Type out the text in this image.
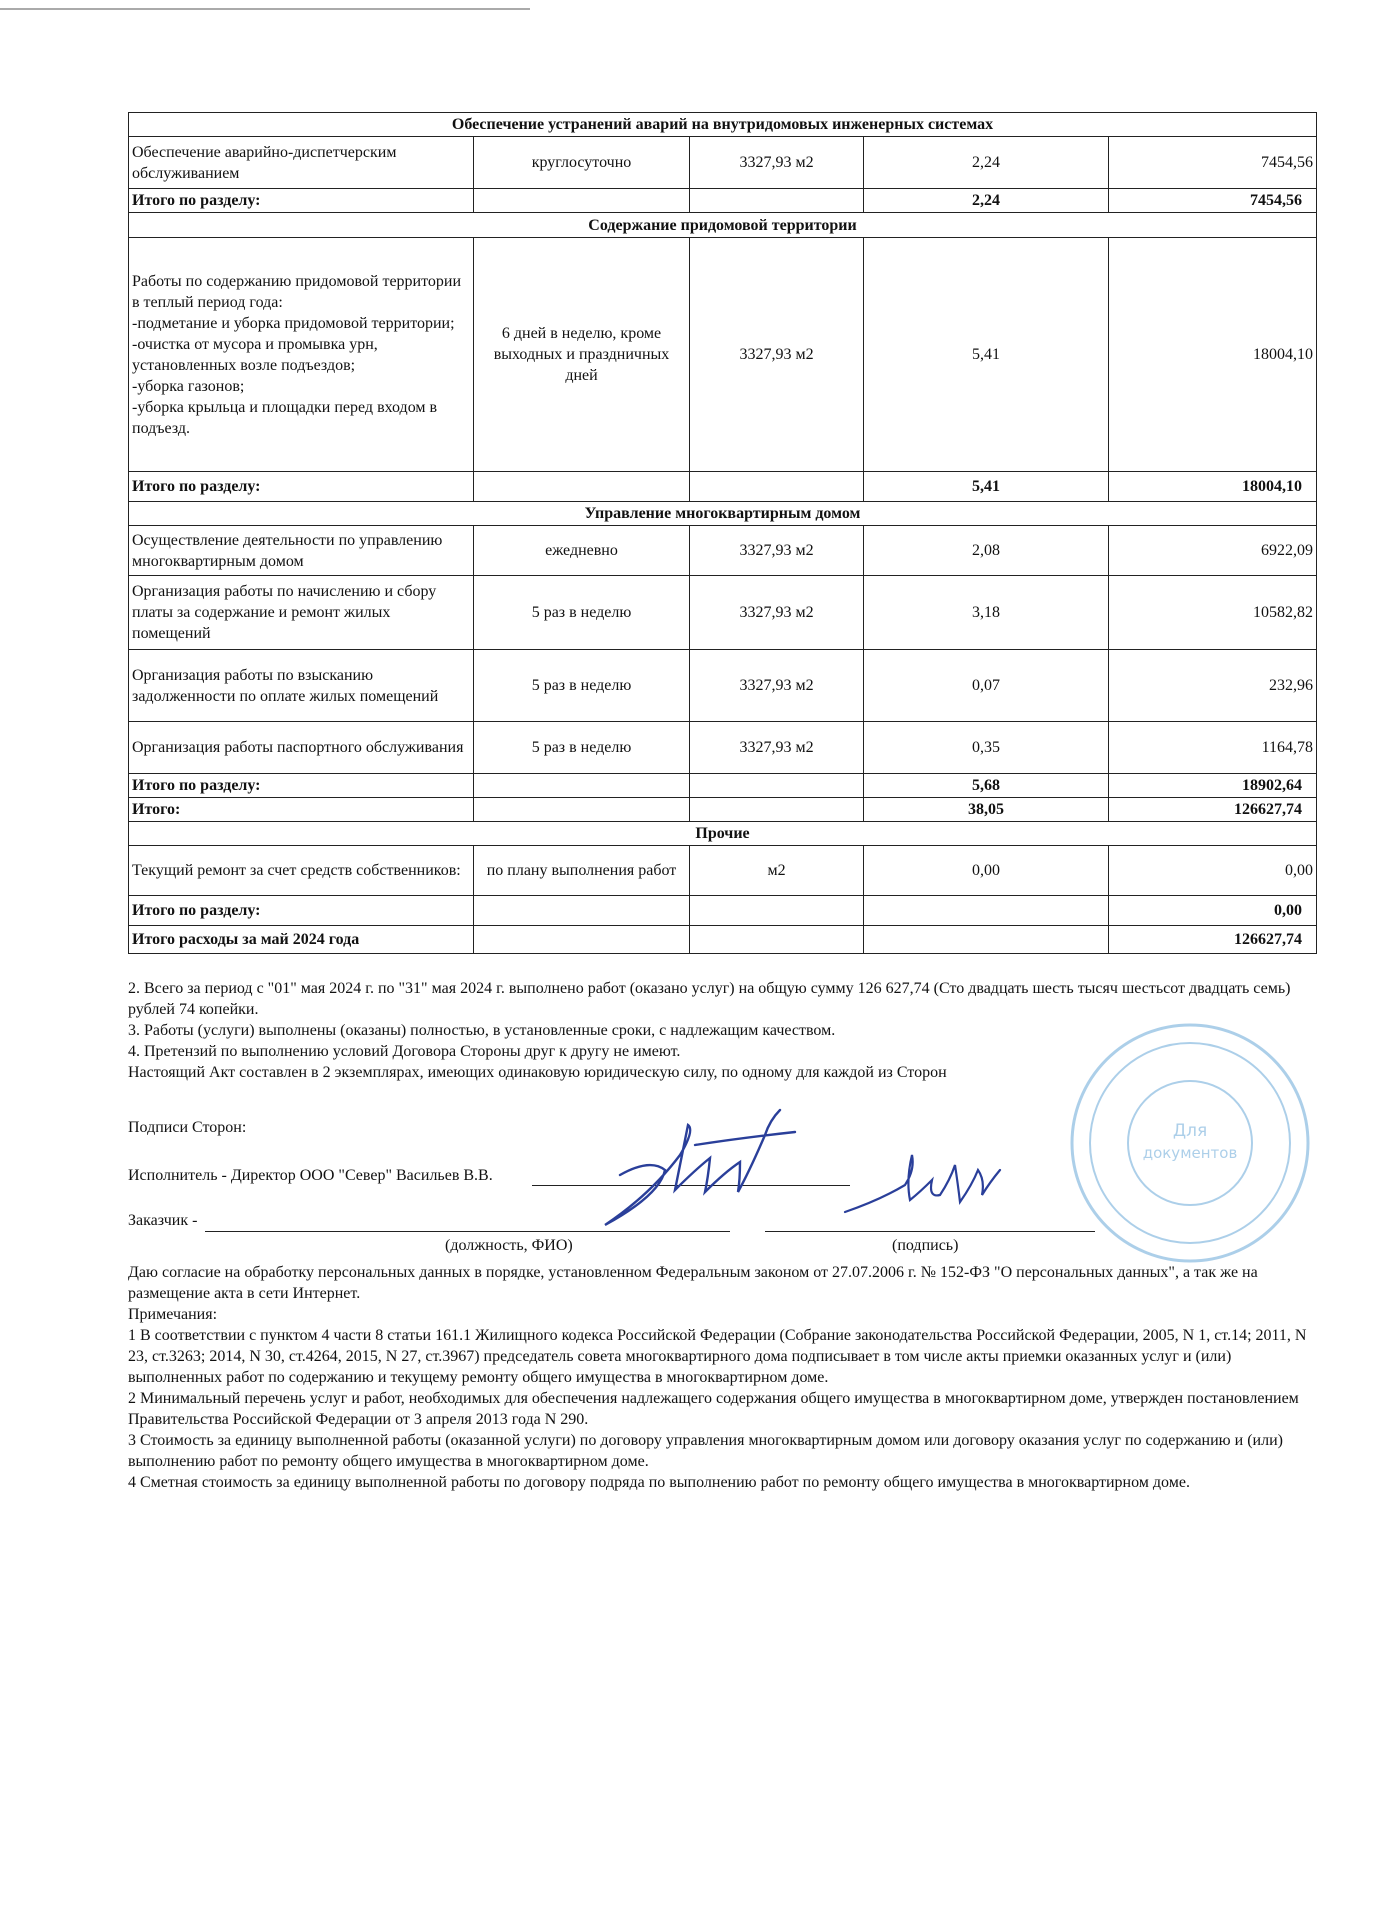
Обеспечение устранений аварий на внутридомовых инженерных системах				
Обеспечение аварийно-диспетчерским обслуживанием	круглосуточно	3327,93 м2	2,24	7454,56
Итого по разделу:			2,24	7454,56
Содержание придомовой территории				
Работы по содержанию придомовой территории в теплый период года:
-подметание и уборка придомовой территории;
-очистка от мусора и промывка урн, установленных возле подъездов;
-уборка газонов;
-уборка крыльца и площадки перед входом в подъезд.	6 дней в неделю, кроме выходных и праздничных дней	3327,93 м2	5,41	18004,10
Итого по разделу:			5,41	18004,10
Управление многоквартирным домом				
Осуществление деятельности по управлению многоквартирным домом	ежедневно	3327,93 м2	2,08	6922,09
Организация работы по начислению и сбору платы за содержание и ремонт жилых помещений	5 раз в неделю	3327,93 м2	3,18	10582,82
Организация работы по взысканию задолженности по оплате жилых помещений	5 раз в неделю	3327,93 м2	0,07	232,96
Организация работы паспортного обслуживания	5 раз в неделю	3327,93 м2	0,35	1164,78
Итого по разделу:			5,68	18902,64
Итого:			38,05	126627,74
Прочие				
Текущий ремонт за счет средств собственников:	по плану выполнения работ	м2	0,00	0,00
Итого по разделу:				0,00
Итого расходы за май 2024 года				126627,74
2. Всего за период с "01" мая 2024 г. по "31" мая 2024 г. выполнено работ (оказано услуг) на общую сумму 126 627,74 (Сто двадцать шесть тысяч шестьсот двадцать семь) рублей 74 копейки.
3. Работы (услуги) выполнены (оказаны) полностью, в установленные сроки, с надлежащим качеством.
4. Претензий по выполнению условий Договора Стороны друг к другу не имеют.
Настоящий Акт составлен в 2 экземплярах, имеющих одинаковую юридическую силу, по одному для каждой из Сторон
Подписи Сторон:
Исполнитель - Директор ООО "Север" Васильев В.В.
Заказчик -
(должность, ФИО)	(подпись)
Для
документов
Даю согласие на обработку персональных данных в порядке, установленном Федеральным законом от 27.07.2006 г. № 152-ФЗ "О персональных данных", а так же на размещение акта в сети Интернет.
Примечания:
1 В соответствии с пунктом 4 части 8 статьи 161.1 Жилищного кодекса Российской Федерации (Собрание законодательства Российской Федерации, 2005, N 1, ст.14; 2011, N 23, ст.3263; 2014, N 30, ст.4264, 2015, N 27, ст.3967) председатель совета многоквартирного дома подписывает в том числе акты приемки оказанных услуг и (или) выполненных работ по содержанию и текущему ремонту общего имущества в многоквартирном доме.
2 Минимальный перечень услуг и работ, необходимых для обеспечения надлежащего содержания общего имущества в многоквартирном доме, утвержден постановлением Правительства Российской Федерации от 3 апреля 2013 года N 290.
3 Стоимость за единицу выполненной работы (оказанной услуги) по договору управления многоквартирным домом или договору оказания услуг по содержанию и (или) выполнению работ по ремонту общего имущества в многоквартирном доме.
4 Сметная стоимость за единицу выполненной работы по договору подряда по выполнению работ по ремонту общего имущества в многоквартирном доме.
